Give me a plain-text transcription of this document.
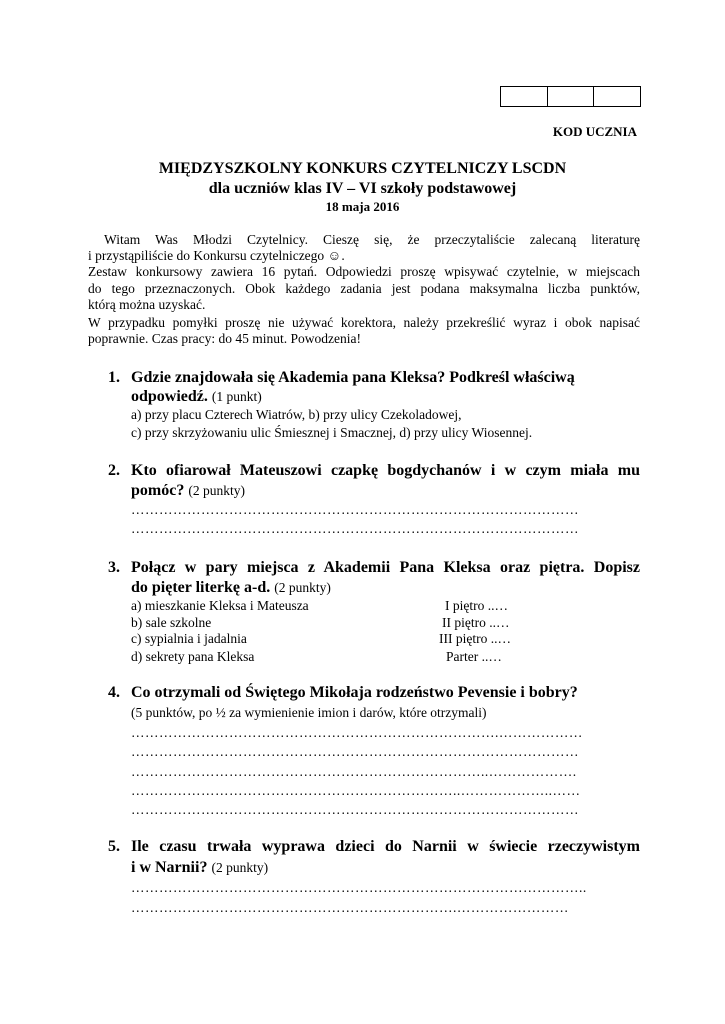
KOD UCZNIA
MIĘDZYSZKOLNY KONKURS CZYTELNICZY LSCDN
dla uczniów klas IV – VI szkoły podstawowej
18 maja 2016
Witam Was Młodzi Czytelnicy. Cieszę się, że przeczytaliście zalecaną literaturę
i przystąpiliście do Konkursu czytelniczego ☺.
Zestaw konkursowy zawiera 16 pytań. Odpowiedzi proszę wpisywać czytelnie, w miejscach
do tego przeznaczonych. Obok każdego zadania jest podana maksymalna liczba punktów,
którą można uzyskać.
W przypadku pomyłki proszę nie używać korektora, należy przekreślić wyraz i obok napisać
poprawnie. Czas pracy: do 45 minut. Powodzenia!
1. Gdzie znajdowała się Akademia pana Kleksa? Podkreśl właściwą
odpowiedź. (1 punkt)
a) przy placu Czterech Wiatrów, b) przy ulicy Czekoladowej,
c) przy skrzyżowaniu ulic Śmiesznej i Smacznej, d) przy ulicy Wiosennej.
2. Kto ofiarował Mateuszowi czapkę bogdychanów i w czym miała mu
pomóc? (2 punkty)
……………………………………………………………………………………
……………………………………………………………………………………
3. Połącz w pary miejsca z Akademii Pana Kleksa oraz piętra. Dopisz
do pięter literkę a-d. (2 punkty)
a) mieszkanie Kleksa i Mateusza	I piętro ..…
b) sale szkolne	II piętro ..…
c) sypialnia i jadalnia	III piętro ..…
d) sekrety pana Kleksa	Parter ..…
4. Co otrzymali od Świętego Mikołaja rodzeństwo Pevensie i bobry?
(5 punktów, po ½ za wymienienie imion i darów, które otrzymali)
…………………………………………………………………….………………
……………………………………………………………………………………
…………………………………………………………………..……………….
……………………………………………………………..………………..……
……………………………………………………………………………………
5. Ile czasu trwała wyprawa dzieci do Narnii w świecie rzeczywistym
i w Narnii? (2 punkty)
……………………………………………………………………………………..
…………………………………………………………….……………………
